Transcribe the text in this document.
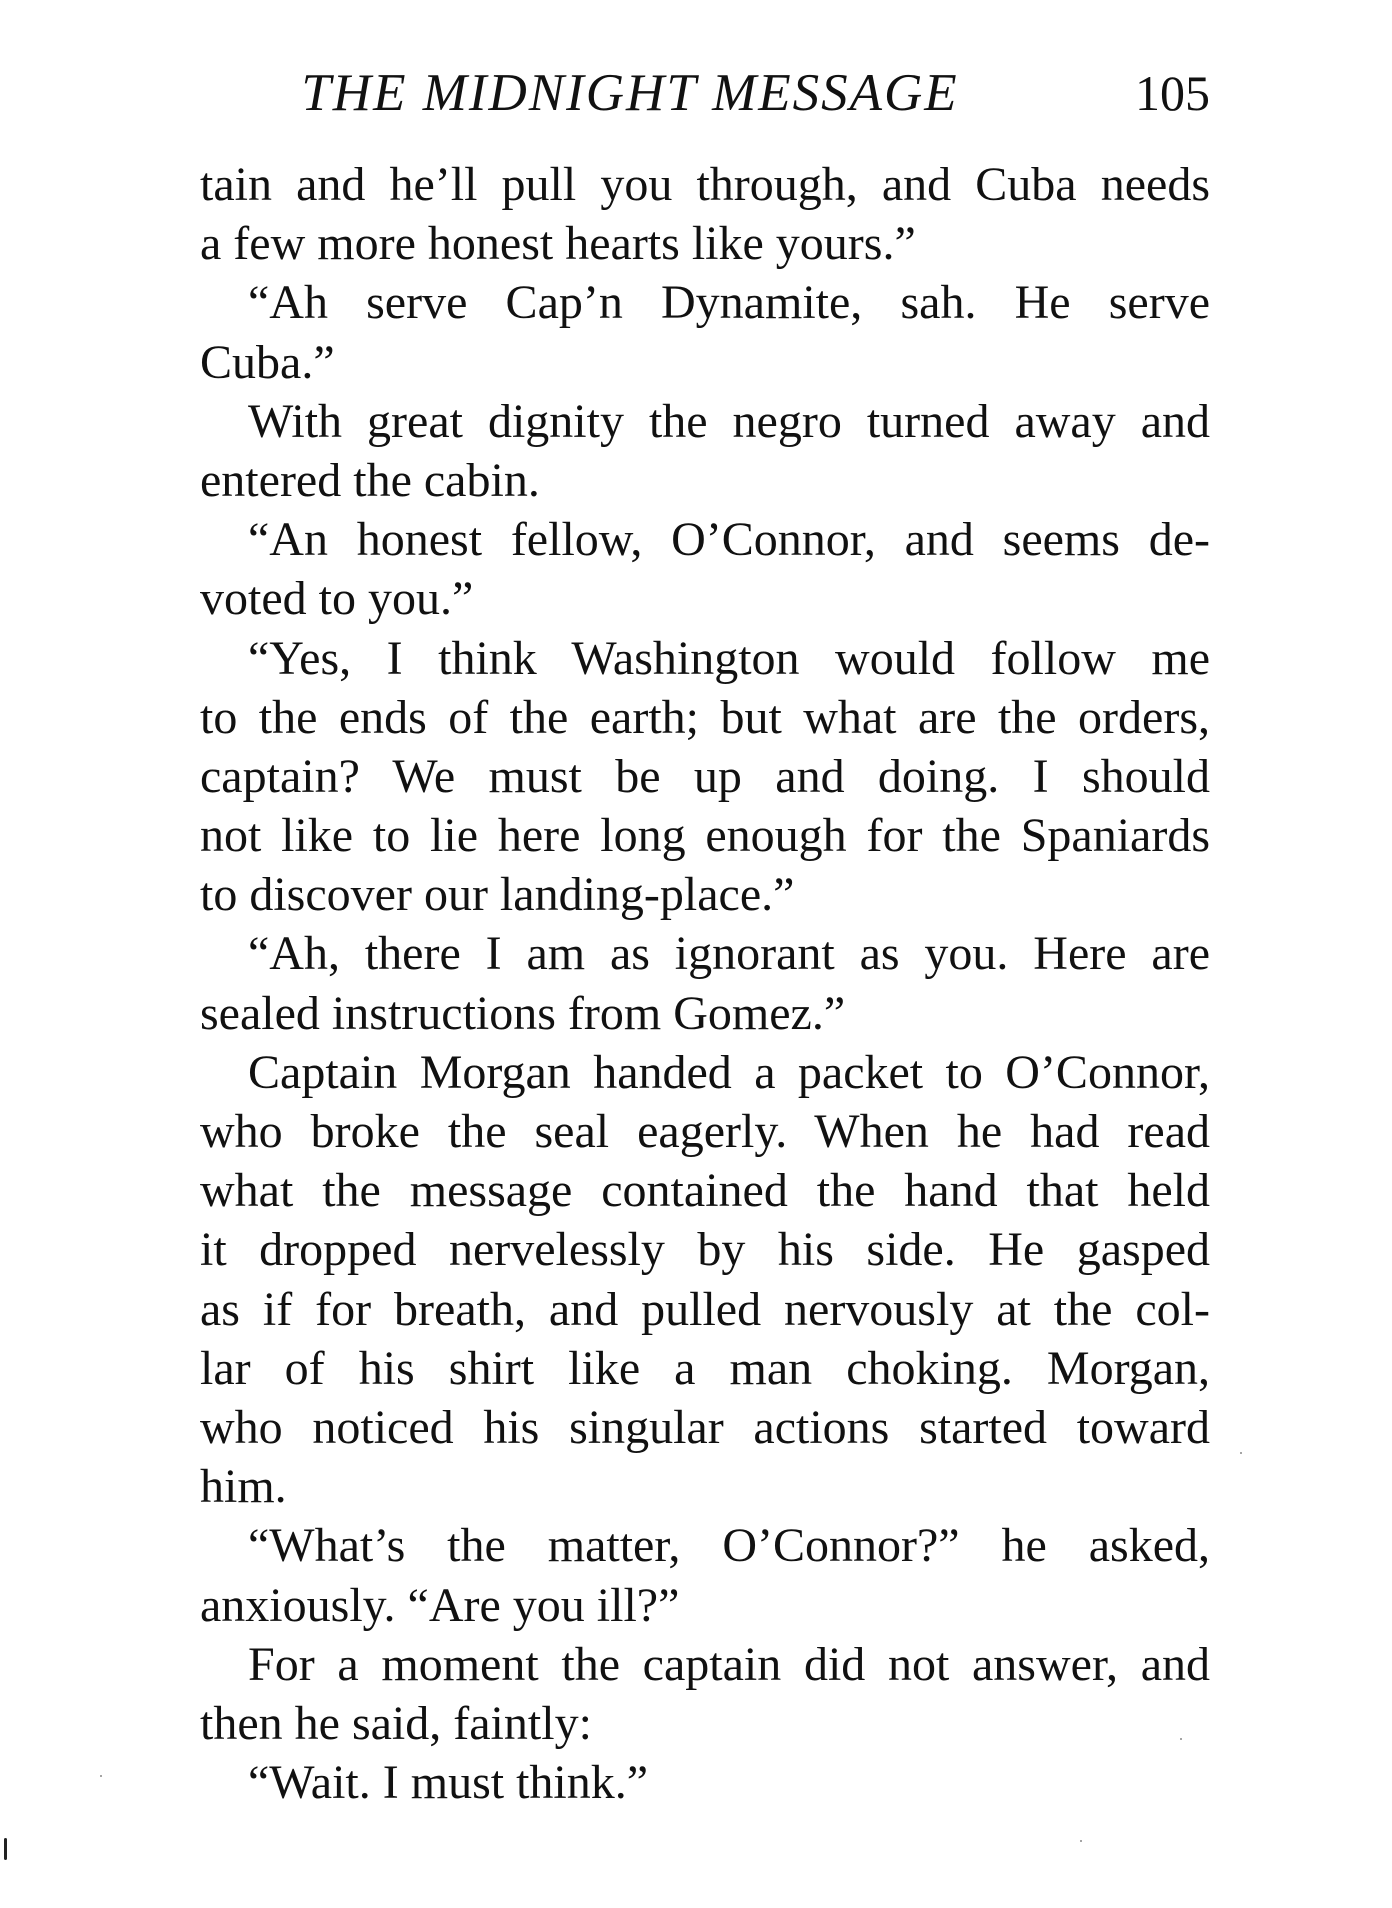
THE MIDNIGHT MESSAGE	105
tain and he’ll pull you through, and Cuba needs
a few more honest hearts like yours.”
“Ah serve Cap’n Dynamite, sah. He serve
Cuba.”
With great dignity the negro turned away and
entered the cabin.
“An honest fellow, O’Connor, and seems de-
voted to you.”
“Yes, I think Washington would follow me
to the ends of the earth; but what are the orders,
captain? We must be up and doing. I should
not like to lie here long enough for the Spaniards
to discover our landing-place.”
“Ah, there I am as ignorant as you. Here are
sealed instructions from Gomez.”
Captain Morgan handed a packet to O’Connor,
who broke the seal eagerly. When he had read
what the message contained the hand that held
it dropped nervelessly by his side. He gasped
as if for breath, and pulled nervously at the col-
lar of his shirt like a man choking. Morgan,
who noticed his singular actions started toward
him.
“What’s the matter, O’Connor?” he asked,
anxiously. “Are you ill?”
For a moment the captain did not answer, and
then he said, faintly:
“Wait. I must think.”
